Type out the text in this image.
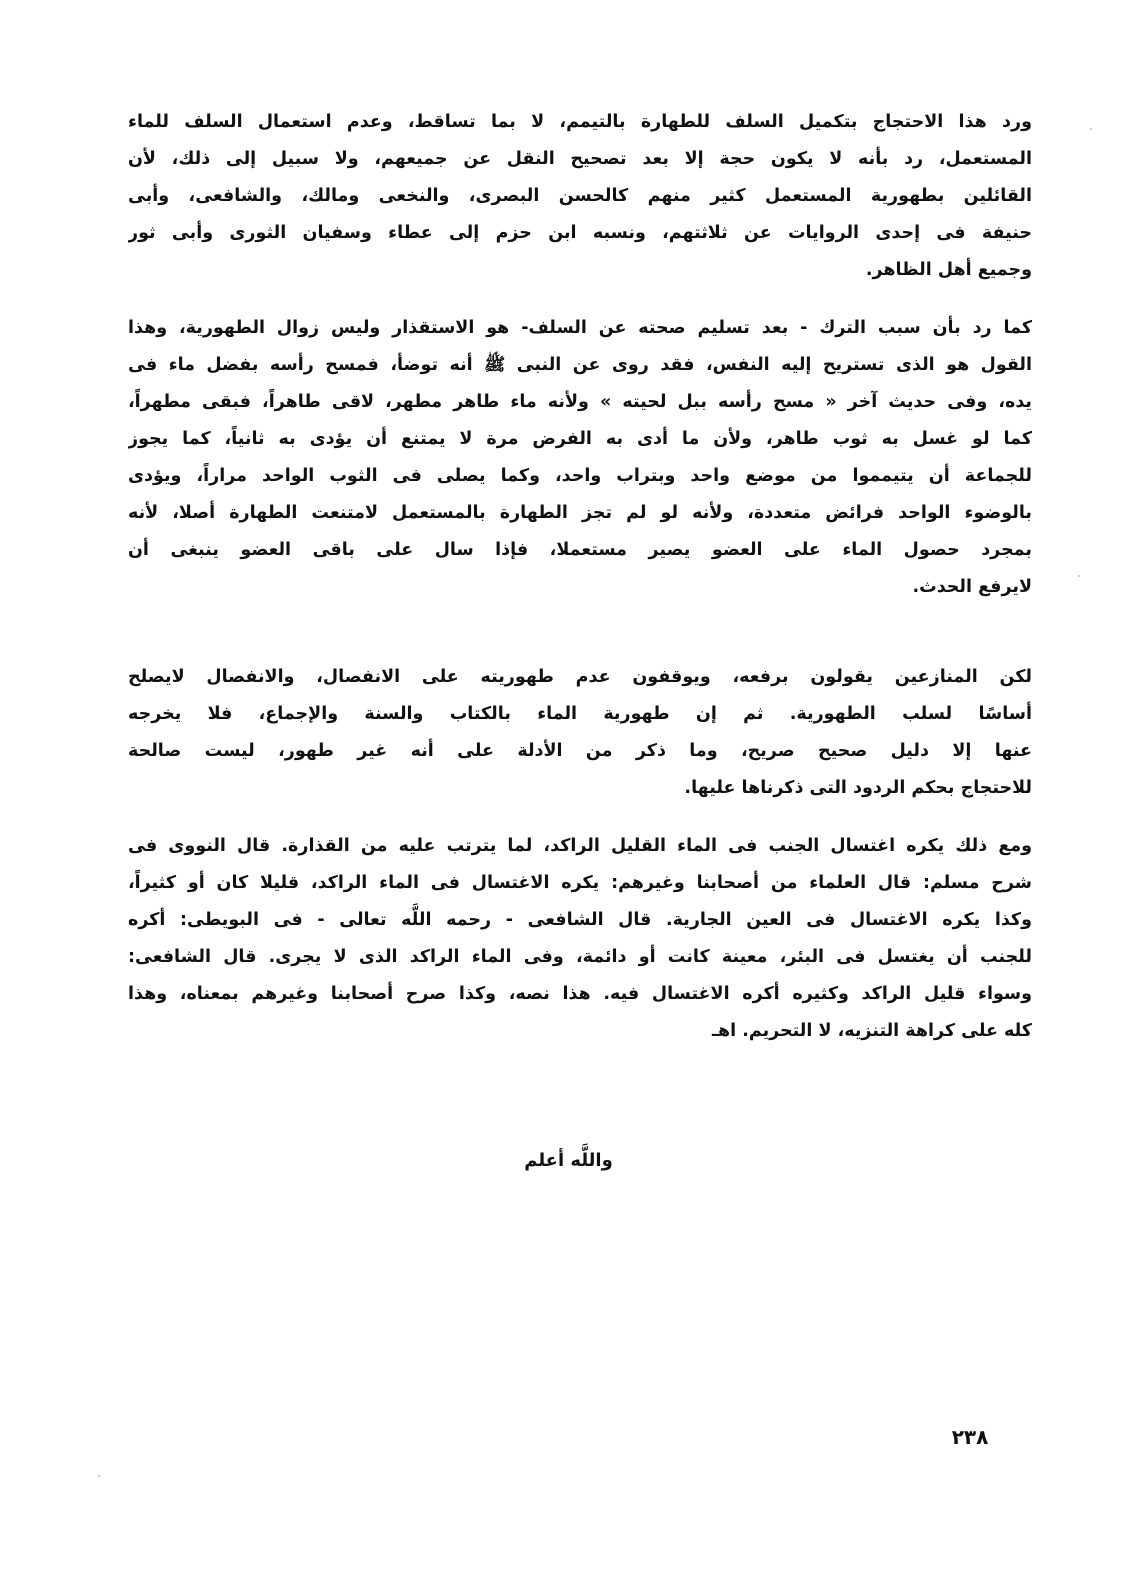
ورد هذا الاحتجاج بتكميل السلف للطهارة بالتيمم، لا بما تساقط، وعدم استعمال السلف للماء
المستعمل، رد بأنه لا يكون حجة إلا بعد تصحيح النقل عن جميعهم، ولا سبيل إلى ذلك، لأن
القائلين بطهورية المستعمل كثير منهم كالحسن البصرى، والنخعى ومالك، والشافعى، وأبى
حنيفة فى إحدى الروايات عن ثلاثتهم، ونسبه ابن حزم إلى عطاء وسفيان الثورى وأبى ثور
وجميع أهل الظاهر.
كما رد بأن سبب الترك - بعد تسليم صحته عن السلف- هو الاستقذار وليس زوال الطهورية، وهذا
القول هو الذى تستريح إليه النفس، فقد روى عن النبى ﷺ أنه توضأ، فمسح رأسه بفضل ماء فى
يده، وفى حديث آخر « مسح رأسه ببل لحيته » ولأنه ماء طاهر مطهر، لاقى طاهراً، فبقى مطهراً،
كما لو غسل به ثوب طاهر، ولأن ما أدى به الفرض مرة لا يمتنع أن يؤدى به ثانياً، كما يجوز
للجماعة أن يتيمموا من موضع واحد وبتراب واحد، وكما يصلى فى الثوب الواحد مراراً، ويؤدى
بالوضوء الواحد فرائض متعددة، ولأنه لو لم تجز الطهارة بالمستعمل لامتنعت الطهارة أصلا، لأنه
بمجرد حصول الماء على العضو يصير مستعملا، فإذا سال على باقى العضو ينبغى أن
لايرفع الحدث.
لكن المنازعين يقولون برفعه، ويوقفون عدم طهوريته على الانفصال، والانفصال لايصلح
أساسًا لسلب الطهورية. ثم إن طهورية الماء بالكتاب والسنة والإجماع، فلا يخرجه
عنها إلا دليل صحيح صريح، وما ذكر من الأدلة على أنه غير طهور، ليست صالحة
للاحتجاج بحكم الردود التى ذكرناها عليها.
ومع ذلك يكره اغتسال الجنب فى الماء القليل الراكد، لما يترتب عليه من القذارة. قال النووى فى
شرح مسلم: قال العلماء من أصحابنا وغيرهم: يكره الاغتسال فى الماء الراكد، قليلا كان أو كثيراً،
وكذا يكره الاغتسال فى العين الجارية. قال الشافعى - رحمه اللَّه تعالى - فى البويطى: أكره
للجنب أن يغتسل فى البئر، معينة كانت أو دائمة، وفى الماء الراكد الذى لا يجرى. قال الشافعى:
وسواء قليل الراكد وكثيره أكره الاغتسال فيه. هذا نصه، وكذا صرح أصحابنا وغيرهم بمعناه، وهذا
كله على كراهة التنزيه، لا التحريم. اهـ
واللَّه أعلم
٢٣٨
